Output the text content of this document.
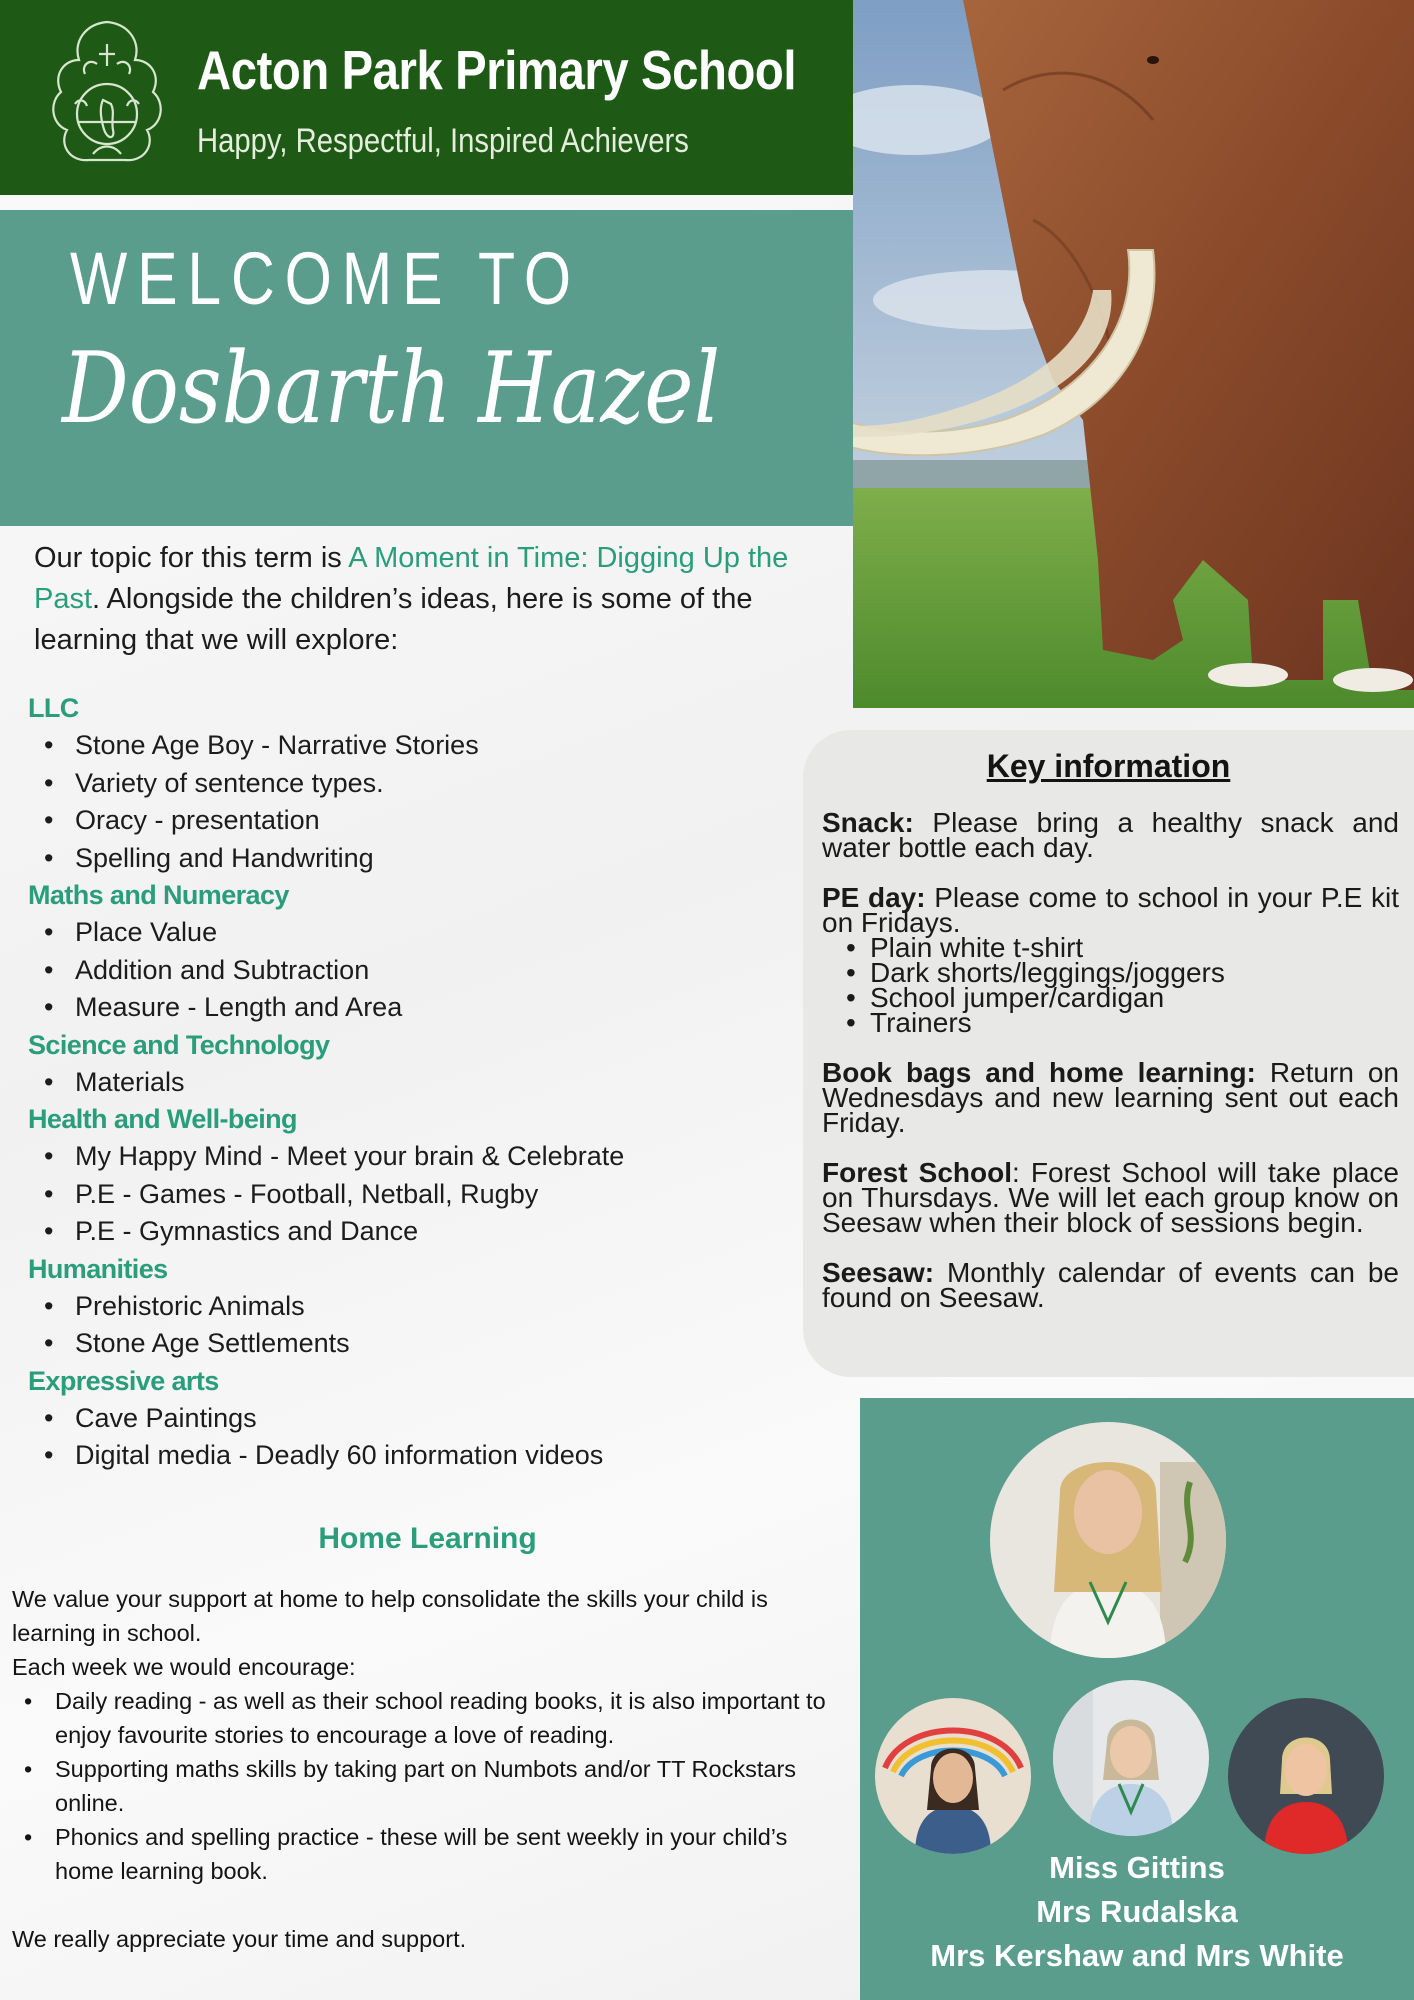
Acton Park Primary School
Happy, Respectful, Inspired Achievers
WELCOME TO
Dosbarth Hazel
Our topic for this term is A Moment in Time: Digging Up the Past. Alongside the children’s ideas, here is some of the learning that we will explore:
LLC
• Stone Age Boy - Narrative Stories
• Variety of sentence types.
• Oracy - presentation
• Spelling and Handwriting
Maths and Numeracy
• Place Value
• Addition and Subtraction
• Measure - Length and Area
Science and Technology
• Materials
Health and Well-being
• My Happy Mind - Meet your brain & Celebrate
• P.E - Games - Football, Netball, Rugby
• P.E - Gymnastics and Dance
Humanities
• Prehistoric Animals
• Stone Age Settlements
Expressive arts
• Cave Paintings
• Digital media - Deadly 60 information videos
Key information

Snack: Please bring a healthy snack and water bottle each day.

PE day: Please come to school in your P.E kit on Fridays.

• Plain white t-shirt
• Dark shorts/leggings/joggers
• School jumper/cardigan
• Trainers

Book bags and home learning: Return on Wednesdays and new learning sent out each Friday.

Forest School: Forest School will take place on Thursdays. We will let each group know on Seesaw when their block of sessions begin.

Seesaw: Monthly calendar of events can be found on Seesaw.

Home Learning
We value your support at home to help consolidate the skills your child is learning in school.
Each week we would encourage:
• Daily reading - as well as their school reading books, it is also important to enjoy favourite stories to encourage a love of reading.
• Supporting maths skills by taking part on Numbots and/or TT Rockstars online.
• Phonics and spelling practice - these will be sent weekly in your child’s home learning book.
We really appreciate your time and support.
Miss Gittins
Mrs Rudalska
Mrs Kershaw and Mrs White
